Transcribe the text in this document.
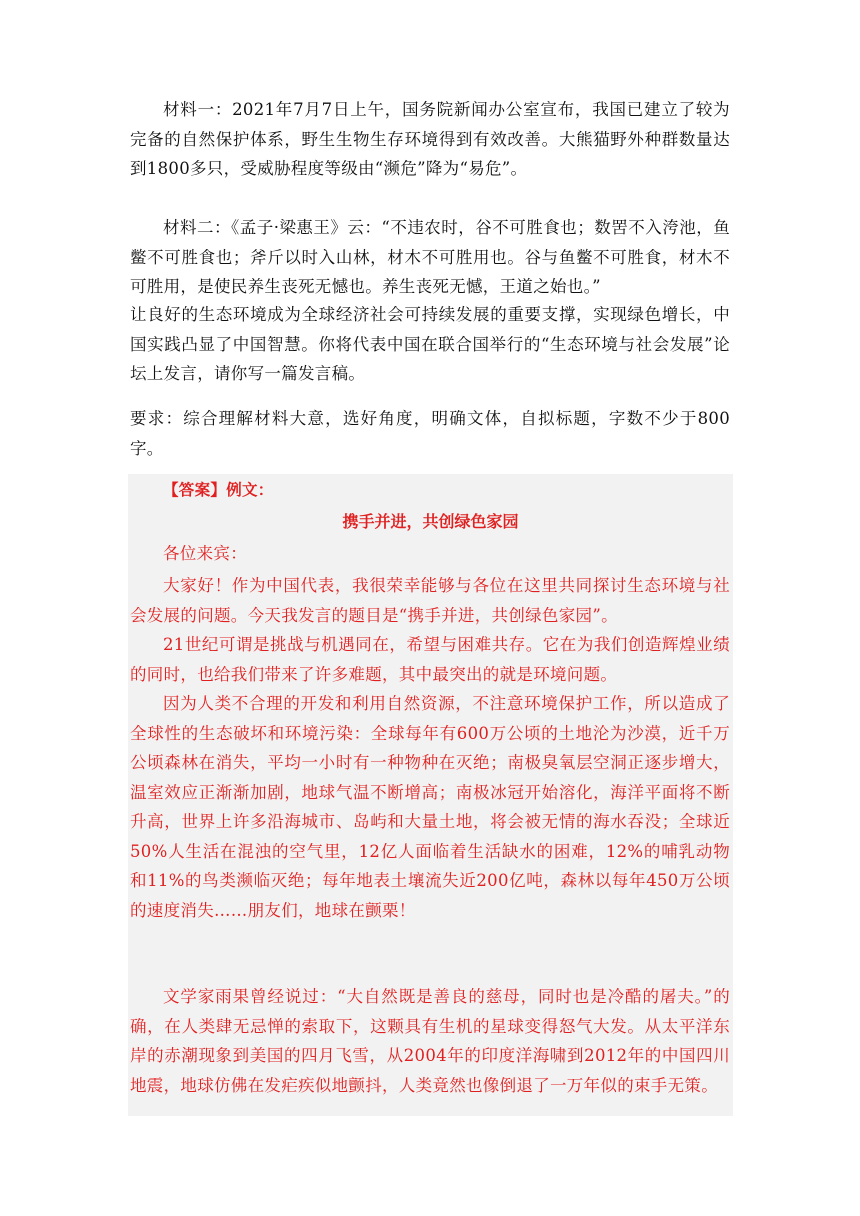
材料一：2021年7月7日上午，国务院新闻办公室宣布，我国已建立了较为完备的自然保护体系，野生生物生存环境得到有效改善。大熊猫野外种群数量达到1800多只，受威胁程度等级由“濒危”降为“易危”。

材料二：《孟子·梁惠王》云：“不违农时，谷不可胜食也；数罟不入洿池，鱼鳖不可胜食也；斧斤以时入山林，材木不可胜用也。谷与鱼鳖不可胜食，材木不可胜用，是使民养生丧死无憾也。养生丧死无憾，王道之始也。”

让良好的生态环境成为全球经济社会可持续发展的重要支撑，实现绿色增长，中国实践凸显了中国智慧。你将代表中国在联合国举行的“生态环境与社会发展”论坛上发言，请你写一篇发言稿。

要求：综合理解材料大意，选好角度，明确文体，自拟标题，字数不少于800字。

【答案】例文：

携手并进，共创绿色家园

各位来宾：

大家好！作为中国代表，我很荣幸能够与各位在这里共同探讨生态环境与社会发展的问题。今天我发言的题目是“携手并进，共创绿色家园”。

21世纪可谓是挑战与机遇同在，希望与困难共存。它在为我们创造辉煌业绩的同时，也给我们带来了许多难题，其中最突出的就是环境问题。

因为人类不合理的开发和利用自然资源，不注意环境保护工作，所以造成了全球性的生态破坏和环境污染：全球每年有600万公顷的土地沦为沙漠，近千万公顷森林在消失，平均一小时有一种物种在灭绝；南极臭氧层空洞正逐步增大，温室效应正渐渐加剧，地球气温不断增高；南极冰冠开始溶化，海洋平面将不断升高，世界上许多沿海城市、岛屿和大量土地，将会被无情的海水吞没；全球近50%人生活在混浊的空气里，12亿人面临着生活缺水的困难，12%的哺乳动物和11%的鸟类濒临灭绝；每年地表土壤流失近200亿吨，森林以每年450万公顷的速度消失……朋友们，地球在颤栗！

文学家雨果曾经说过：“大自然既是善良的慈母，同时也是冷酷的屠夫。”的确，在人类肆无忌惮的索取下，这颗具有生机的星球变得怒气大发。从太平洋东岸的赤潮现象到美国的四月飞雪，从2004年的印度洋海啸到2012年的中国四川地震，地球仿佛在发疟疾似地颤抖，人类竟然也像倒退了一万年似的束手无策。
